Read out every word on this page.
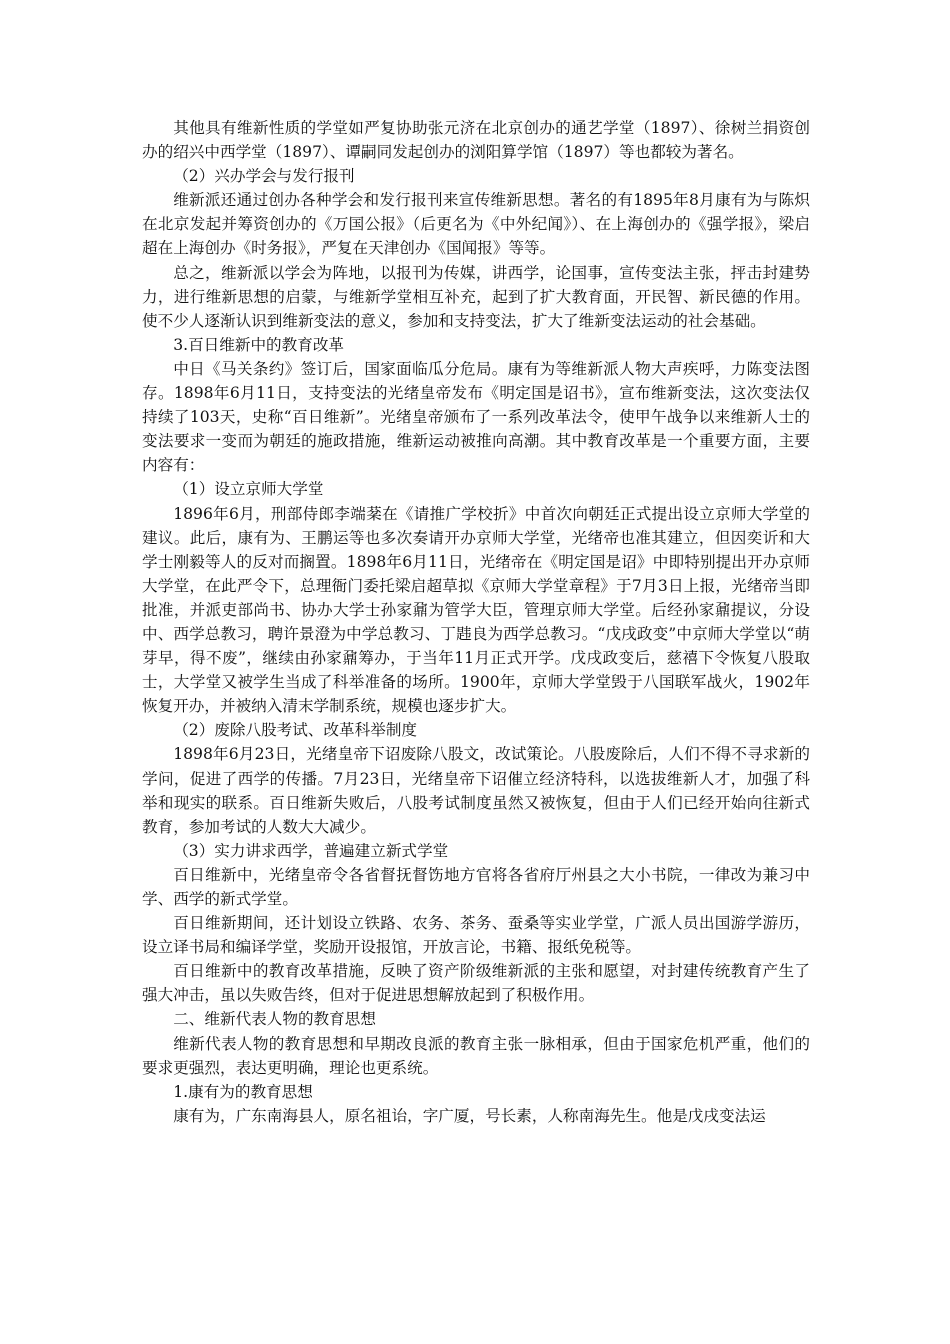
其他具有维新性质的学堂如严复协助张元济在北京创办的通艺学堂（1897）、徐树兰捐资创办的绍兴中西学堂（1897）、谭嗣同发起创办的浏阳算学馆（1897）等也都较为著名。

（2）兴办学会与发行报刊

维新派还通过创办各种学会和发行报刊来宣传维新思想。著名的有1895年8月康有为与陈炽在北京发起并筹资创办的《万国公报》（后更名为《中外纪闻》）、在上海创办的《强学报》，梁启超在上海创办《时务报》，严复在天津创办《国闻报》等等。

总之，维新派以学会为阵地，以报刊为传媒，讲西学，论国事，宣传变法主张，抨击封建势力，进行维新思想的启蒙，与维新学堂相互补充，起到了扩大教育面，开民智、新民德的作用。使不少人逐渐认识到维新变法的意义，参加和支持变法，扩大了维新变法运动的社会基础。

3.百日维新中的教育改革

中日《马关条约》签订后，国家面临瓜分危局。康有为等维新派人物大声疾呼，力陈变法图存。1898年6月11日，支持变法的光绪皇帝发布《明定国是诏书》，宣布维新变法，这次变法仅持续了103天，史称“百日维新”。光绪皇帝颁布了一系列改革法令，使甲午战争以来维新人士的变法要求一变而为朝廷的施政措施，维新运动被推向高潮。其中教育改革是一个重要方面，主要内容有：

（1）设立京师大学堂

1896年6月，刑部侍郎李端棻在《请推广学校折》中首次向朝廷正式提出设立京师大学堂的建议。此后，康有为、王鹏运等也多次奏请开办京师大学堂，光绪帝也准其建立，但因奕䜣和大学士刚毅等人的反对而搁置。1898年6月11日，光绪帝在《明定国是诏》中即特别提出开办京师大学堂，在此严令下，总理衙门委托梁启超草拟《京师大学堂章程》于7月3日上报，光绪帝当即批准，并派吏部尚书、协办大学士孙家鼐为管学大臣，管理京师大学堂。后经孙家鼐提议，分设中、西学总教习，聘许景澄为中学总教习、丁韪良为西学总教习。“戊戌政变”中京师大学堂以“萌芽早，得不废”，继续由孙家鼐筹办，于当年11月正式开学。戊戌政变后，慈禧下令恢复八股取士，大学堂又被学生当成了科举准备的场所。1900年，京师大学堂毁于八国联军战火，1902年恢复开办，并被纳入清末学制系统，规模也逐步扩大。

（2）废除八股考试、改革科举制度

1898年6月23日，光绪皇帝下诏废除八股文，改试策论。八股废除后，人们不得不寻求新的学问，促进了西学的传播。7月23日，光绪皇帝下诏催立经济特科，以选拔维新人才，加强了科举和现实的联系。百日维新失败后，八股考试制度虽然又被恢复，但由于人们已经开始向往新式教育，参加考试的人数大大减少。

（3）实力讲求西学，普遍建立新式学堂

百日维新中，光绪皇帝令各省督抚督饬地方官将各省府厅州县之大小书院，一律改为兼习中学、西学的新式学堂。

百日维新期间，还计划设立铁路、农务、茶务、蚕桑等实业学堂，广派人员出国游学游历，设立译书局和编译学堂，奖励开设报馆，开放言论，书籍、报纸免税等。

百日维新中的教育改革措施，反映了资产阶级维新派的主张和愿望，对封建传统教育产生了强大冲击，虽以失败告终，但对于促进思想解放起到了积极作用。

二、维新代表人物的教育思想

维新代表人物的教育思想和早期改良派的教育主张一脉相承，但由于国家危机严重，他们的要求更强烈，表达更明确，理论也更系统。

1.康有为的教育思想

康有为，广东南海县人，原名祖诒，字广厦，号长素，人称南海先生。他是戊戌变法运
